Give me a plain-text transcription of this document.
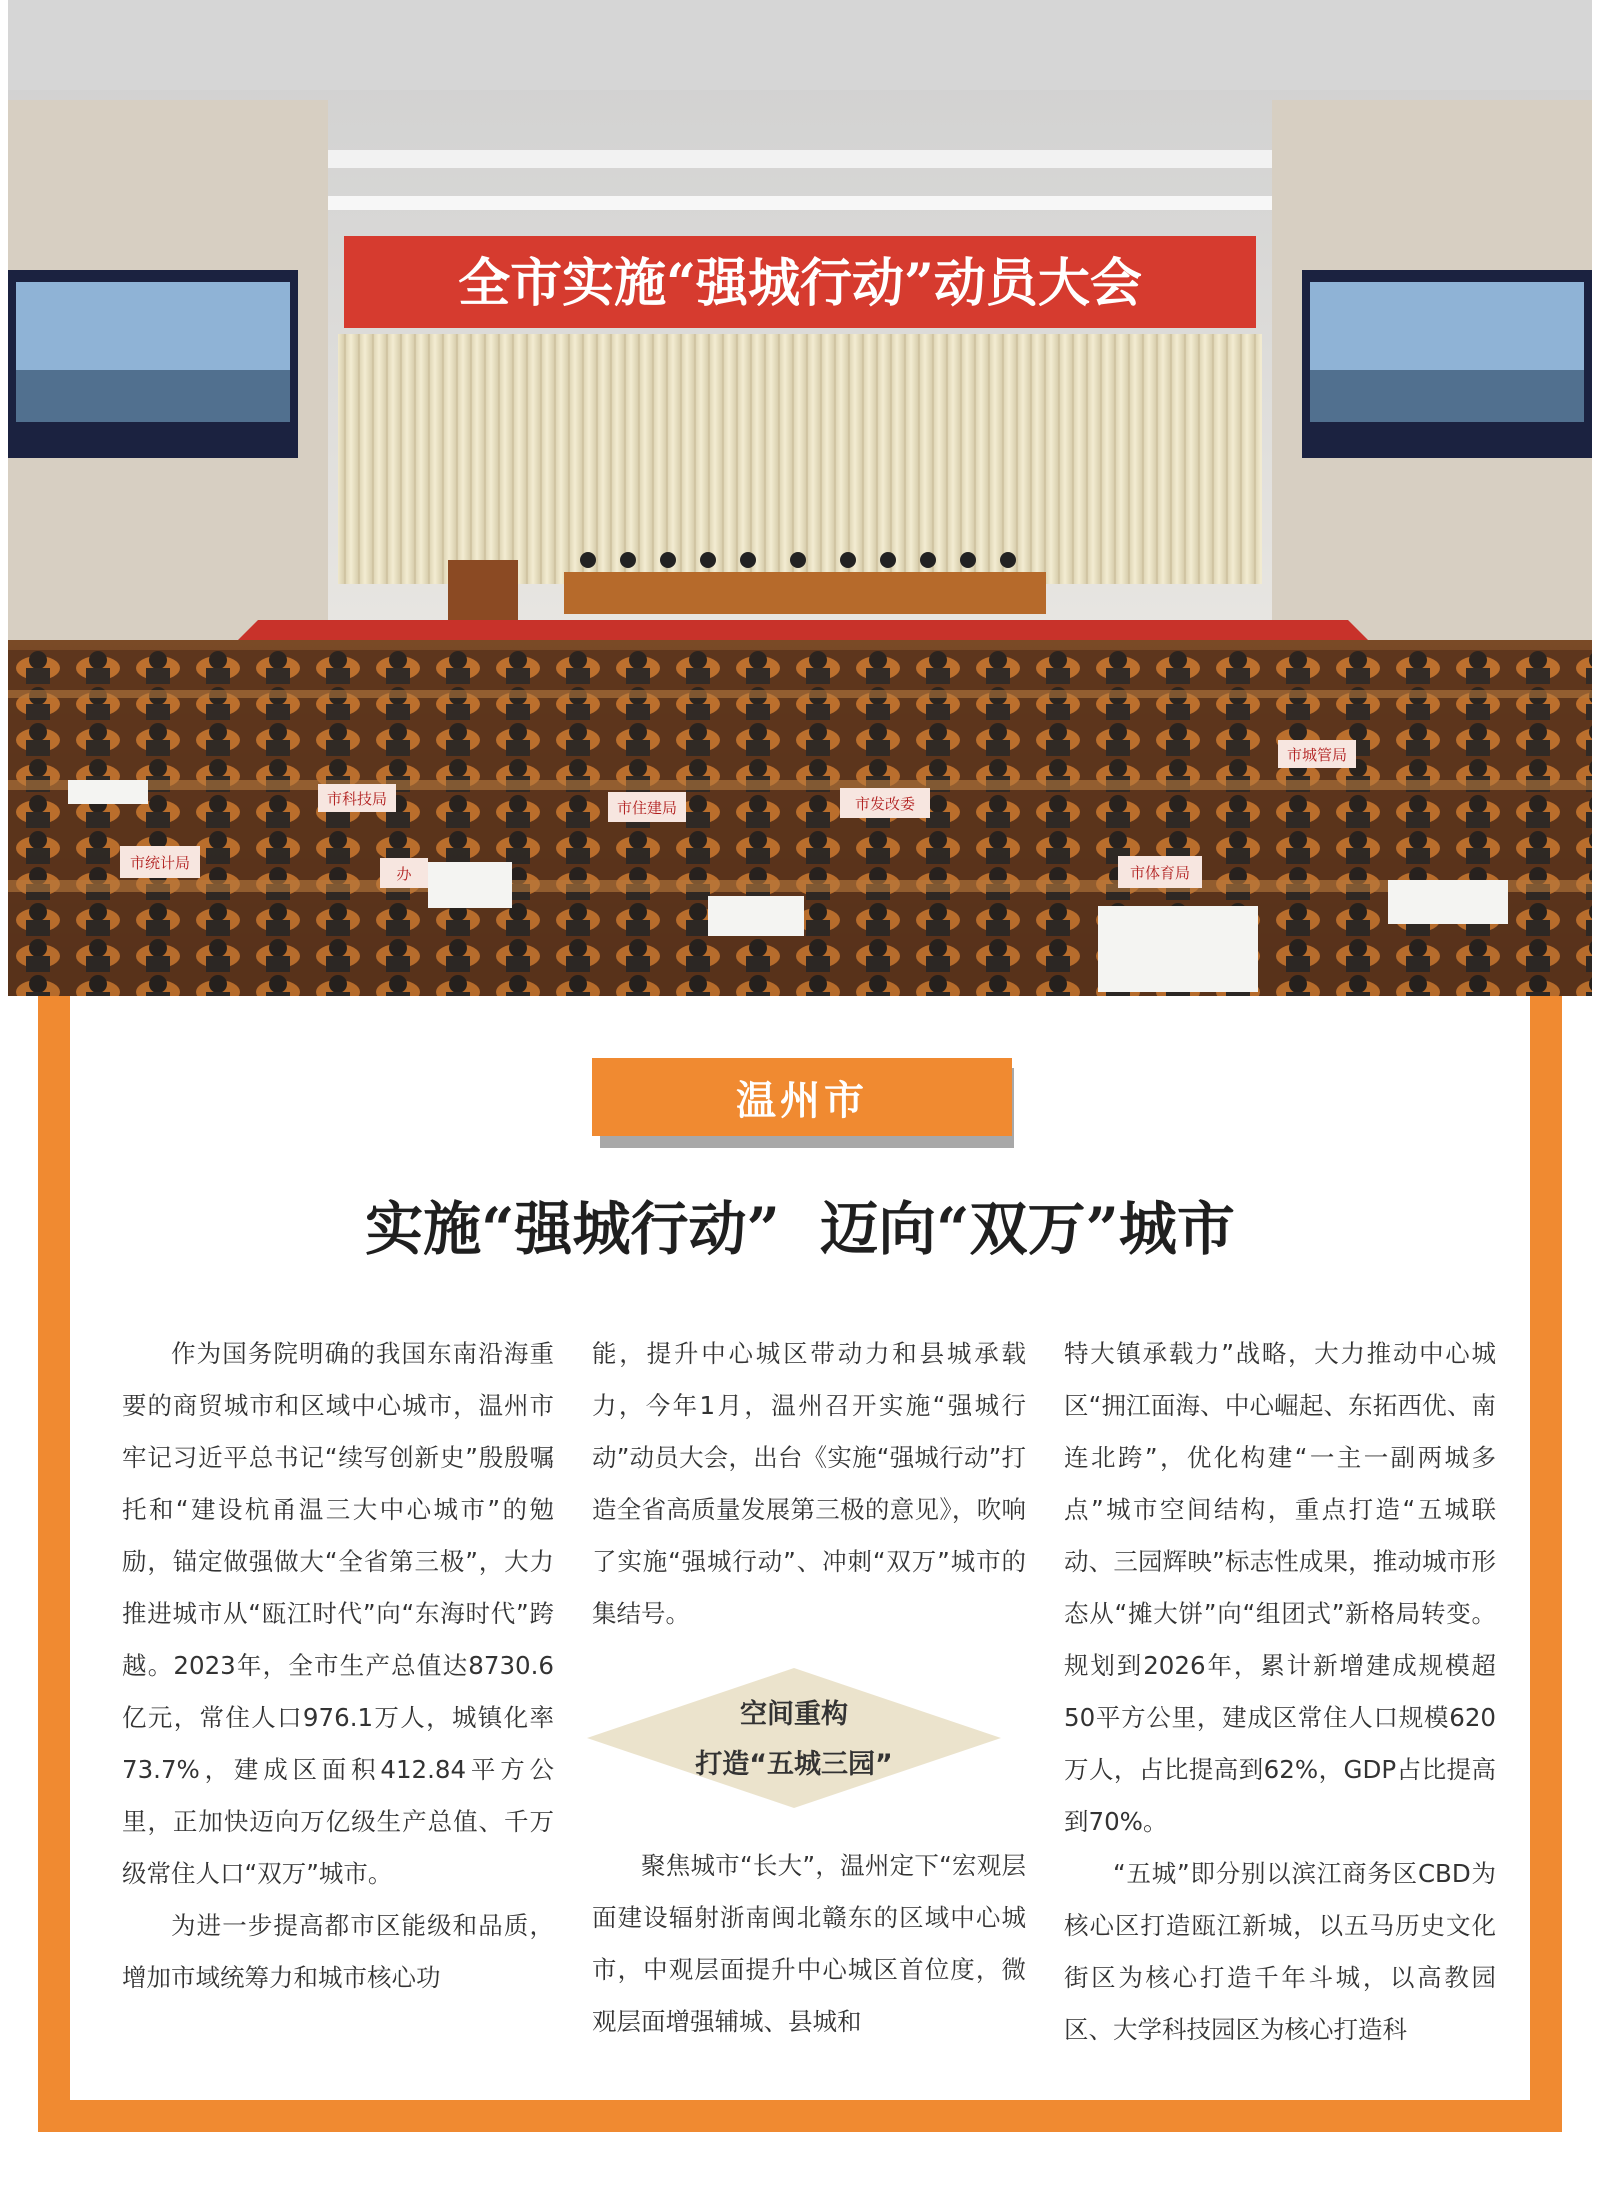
全市实施“强城行动”动员大会
市统计局
办
市住建局	市发改委
市体育局
市科技局
市城管局
温州市
实施“强城行动”  迈向“双万”城市

作为国务院明确的我国东南沿海重要的商贸城市和区域中心城市，温州市牢记习近平总书记“续写创新史”殷殷嘱托和“建设杭甬温三大中心城市”的勉励，锚定做强做大“全省第三极”，大力推进城市从“瓯江时代”向“东海时代”跨越。2023年，全市生产总值达8730.6亿元，常住人口976.1万人，城镇化率73.7%，建成区面积412.84平方公里，正加快迈向万亿级生产总值、千万级常住人口“双万”城市。

为进一步提高都市区能级和品质，增加市域统筹力和城市核心功

能，提升中心城区带动力和县城承载力，今年1月，温州召开实施“强城行动”动员大会，出台《实施“强城行动”打造全省高质量发展第三极的意见》，吹响了实施“强城行动”、冲刺“双万”城市的集结号。

空间重构
打造“五城三园”

聚焦城市“长大”，温州定下“宏观层面建设辐射浙南闽北赣东的区域中心城市，中观层面提升中心城区首位度，微观层面增强辅城、县城和

特大镇承载力”战略，大力推动中心城区“拥江面海、中心崛起、东拓西优、南连北跨”，优化构建“一主一副两城多点”城市空间结构，重点打造“五城联动、三园辉映”标志性成果，推动城市形态从“摊大饼”向“组团式”新格局转变。规划到2026年，累计新增建成规模超50平方公里，建成区常住人口规模620万人，占比提高到62%，GDP占比提高到70%。

“五城”即分别以滨江商务区CBD为核心区打造瓯江新城，以五马历史文化街区为核心打造千年斗城，以高教园区、大学科技园区为核心打造科
